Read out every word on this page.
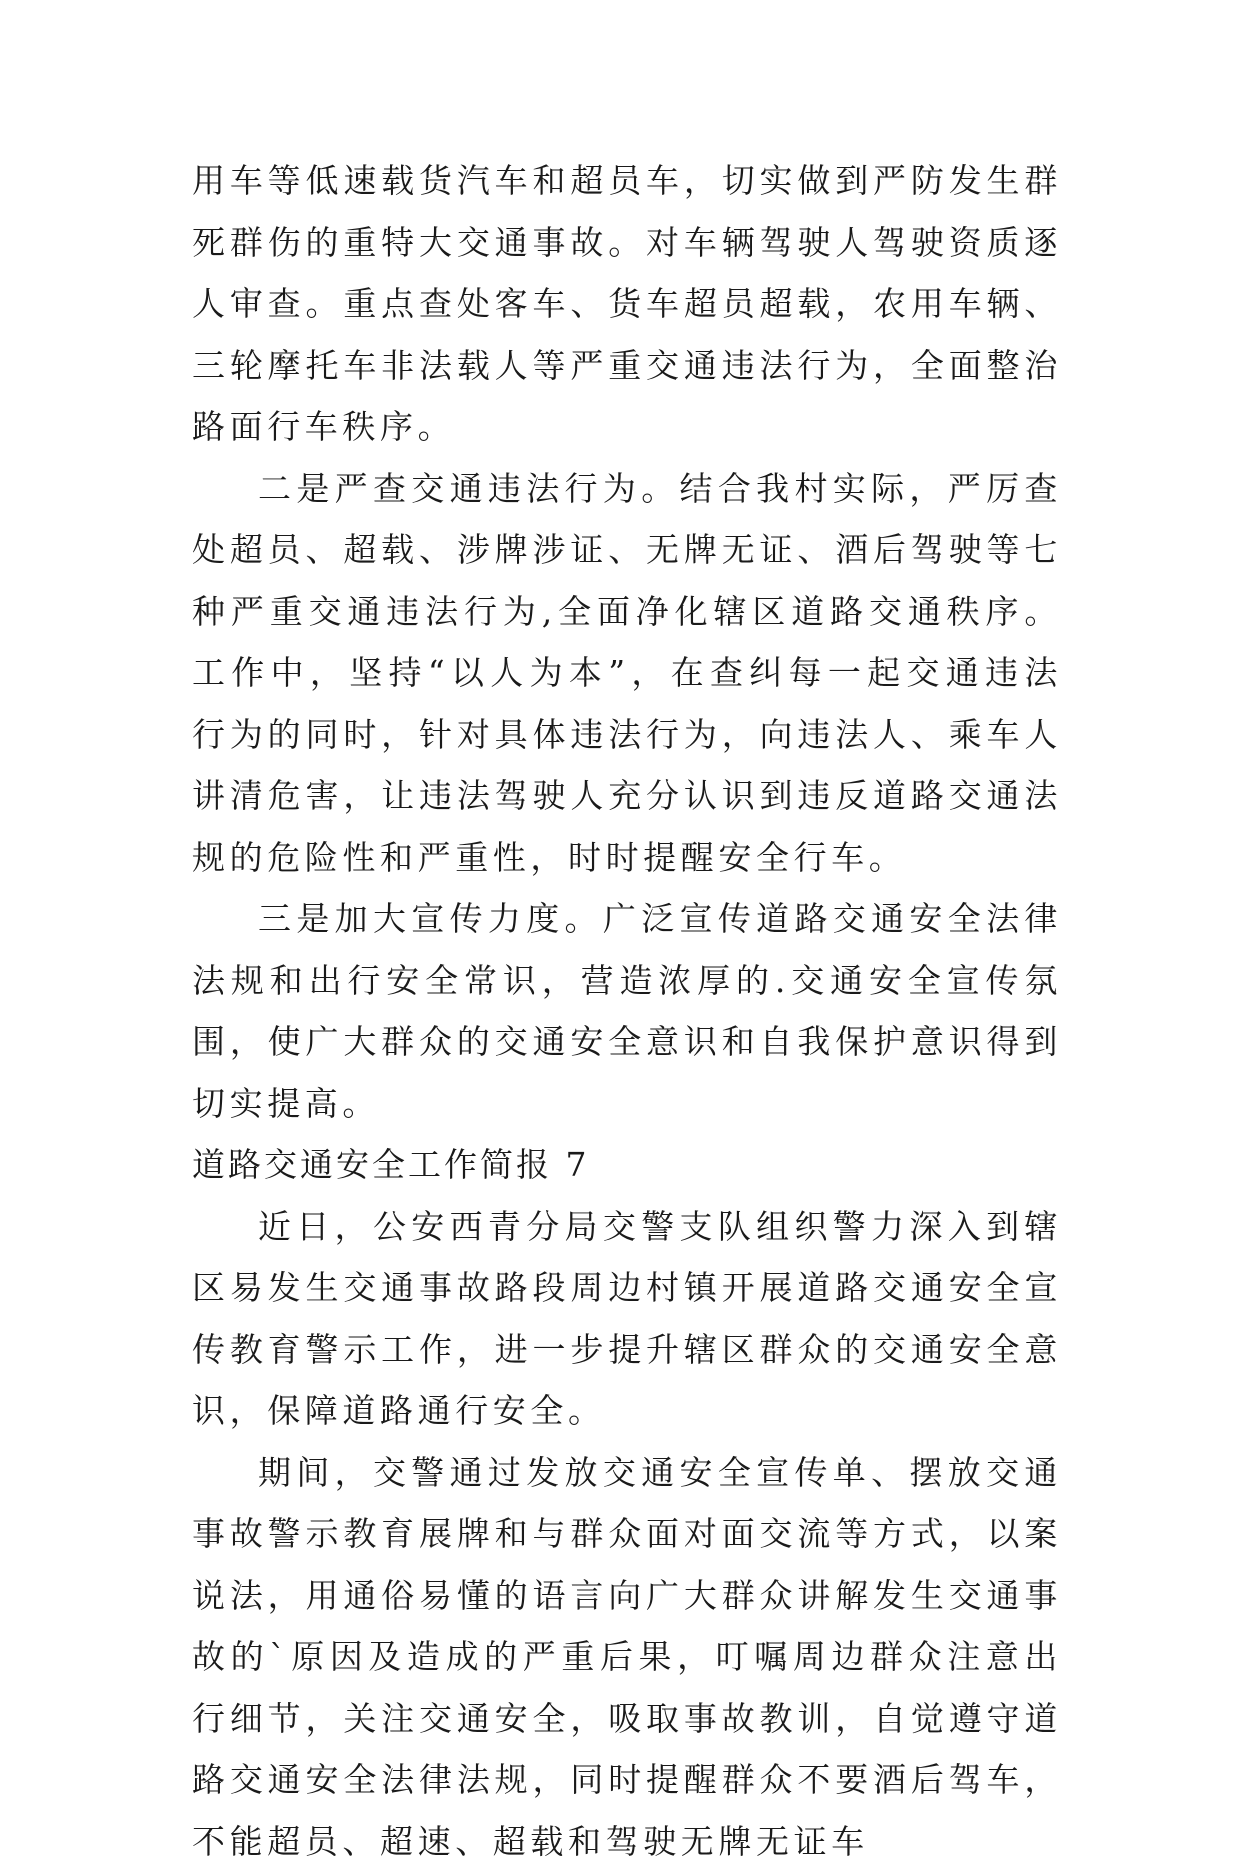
用车等低速载货汽车和超员车，切实做到严防发生群死群伤的重特大交通事故。对车辆驾驶人驾驶资质逐人审查。重点查处客车、货车超员超载，农用车辆、三轮摩托车非法载人等严重交通违法行为，全面整治路面行车秩序。

二是严查交通违法行为。结合我村实际，严厉查处超员、超载、涉牌涉证、无牌无证、酒后驾驶等七种严重交通违法行为,全面净化辖区道路交通秩序。工作中，坚持“以人为本”，在查纠每一起交通违法行为的同时，针对具体违法行为，向违法人、乘车人讲清危害，让违法驾驶人充分认识到违反道路交通法规的危险性和严重性，时时提醒安全行车。

三是加大宣传力度。广泛宣传道路交通安全法律法规和出行安全常识，营造浓厚的.交通安全宣传氛围，使广大群众的交通安全意识和自我保护意识得到切实提高。

道路交通安全工作简报 7

近日，公安西青分局交警支队组织警力深入到辖区易发生交通事故路段周边村镇开展道路交通安全宣传教育警示工作，进一步提升辖区群众的交通安全意识，保障道路通行安全。

期间，交警通过发放交通安全宣传单、摆放交通事故警示教育展牌和与群众面对面交流等方式，以案说法，用通俗易懂的语言向广大群众讲解发生交通事故的`原因及造成的严重后果，叮嘱周边群众注意出行细节，关注交通安全，吸取事故教训，自觉遵守道路交通安全法律法规，同时提醒群众不要酒后驾车，不能超员、超速、超载和驾驶无牌无证车
